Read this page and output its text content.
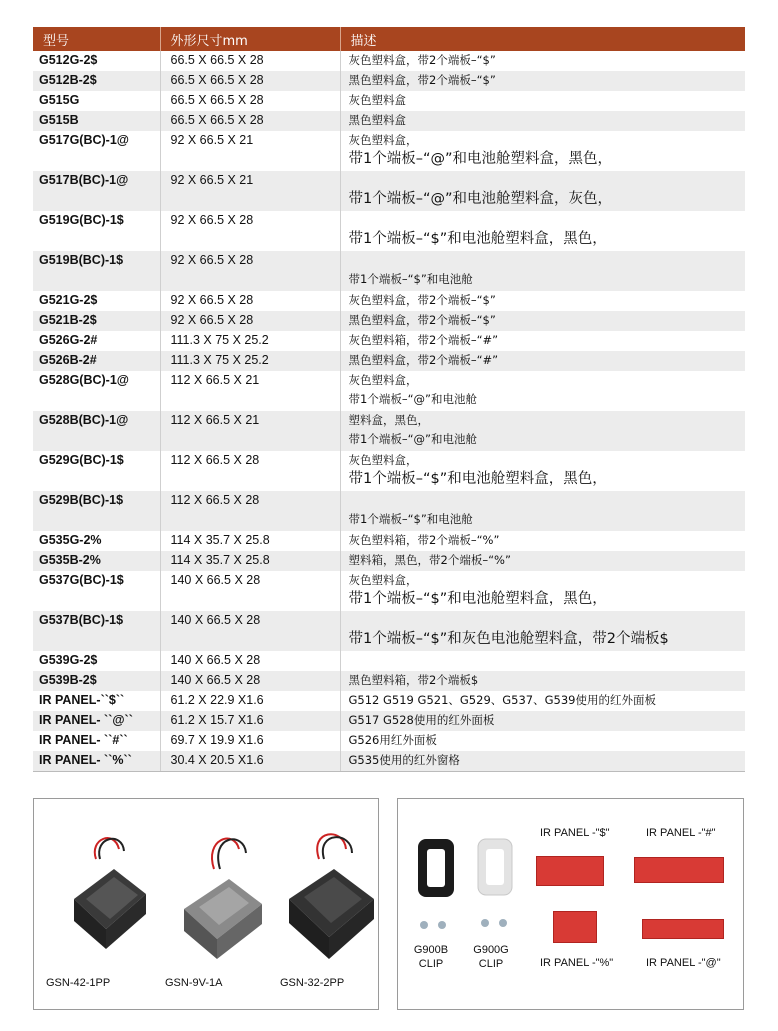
型号	外形尺寸mm	描述
G512G-2$	66.5 X 66.5 X 28	灰色塑料盒，带2个端板–“$”

G512B-2$	66.5 X 66.5 X 28	黑色塑料盒，带2个端板–“$”

G515G	66.5 X 66.5 X 28	灰色塑料盒

G515B	66.5 X 66.5 X 28	黑色塑料盒

G517G(BC)-1@	92 X 66.5 X 21	灰色塑料盒，
带1个端板–“@”和电池舱塑料盒，黑色，

G517B(BC)-1@	92 X 66.5 X 21	带1个端板–“@”和电池舱塑料盒，灰色，

G519G(BC)-1$	92 X 66.5 X 28	带1个端板–“$”和电池舱塑料盒，黑色，

G519B(BC)-1$	92 X 66.5 X 28	带1个端板–“$”和电池舱

G521G-2$	92 X 66.5 X 28	灰色塑料盒，带2个端板–“$”

G521B-2$	92 X 66.5 X 28	黑色塑料盒，带2个端板–“$”

G526G-2#	111.3 X 75 X 25.2	灰色塑料箱，带2个端板–“#”

G526B-2#	111.3 X 75 X 25.2	黑色塑料盒，带2个端板–“#”

G528G(BC)-1@	112 X 66.5 X 21	灰色塑料盒，
带1个端板–“@”和电池舱

G528B(BC)-1@	112 X 66.5 X 21	塑料盒，黑色，
带1个端板–“@”和电池舱

G529G(BC)-1$	112 X 66.5 X 28	灰色塑料盒，
带1个端板–“$”和电池舱塑料盒，黑色，

G529B(BC)-1$	112 X 66.5 X 28	带1个端板–“$”和电池舱

G535G-2%	114 X 35.7 X 25.8	灰色塑料箱，带2个端板–“%”

G535B-2%	114 X 35.7 X 25.8	塑料箱，黑色，带2个端板–“%”

G537G(BC)-1$	140 X 66.5 X 28	灰色塑料盒，
带1个端板–“$”和电池舱塑料盒，黑色，

G537B(BC)-1$	140 X 66.5 X 28	带1个端板–“$”和灰色电池舱塑料盒，带2个端板$

G539G-2$	140 X 66.5 X 28	

G539B-2$	140 X 66.5 X 28	黑色塑料箱，带2个端板$

IR PANEL-``$``	61.2 X 22.9 X1.6	G512 G519 G521、G529、G537、G539使用的红外面板

IR PANEL- ``@``	61.2 X 15.7 X1.6	G517 G528使用的红外面板

IR PANEL- ``#``	69.7 X 19.9 X1.6	G526用红外面板

IR PANEL- ``%``	30.4 X 20.5 X1.6	G535使用的红外窗格
GSN-42-1PP	GSN-9V-1A	GSN-32-2PP
G900B
CLIP
G900G
CLIP
IR PANEL -"$"	IR PANEL -"#"
IR PANEL -"%"	IR PANEL -"@"
